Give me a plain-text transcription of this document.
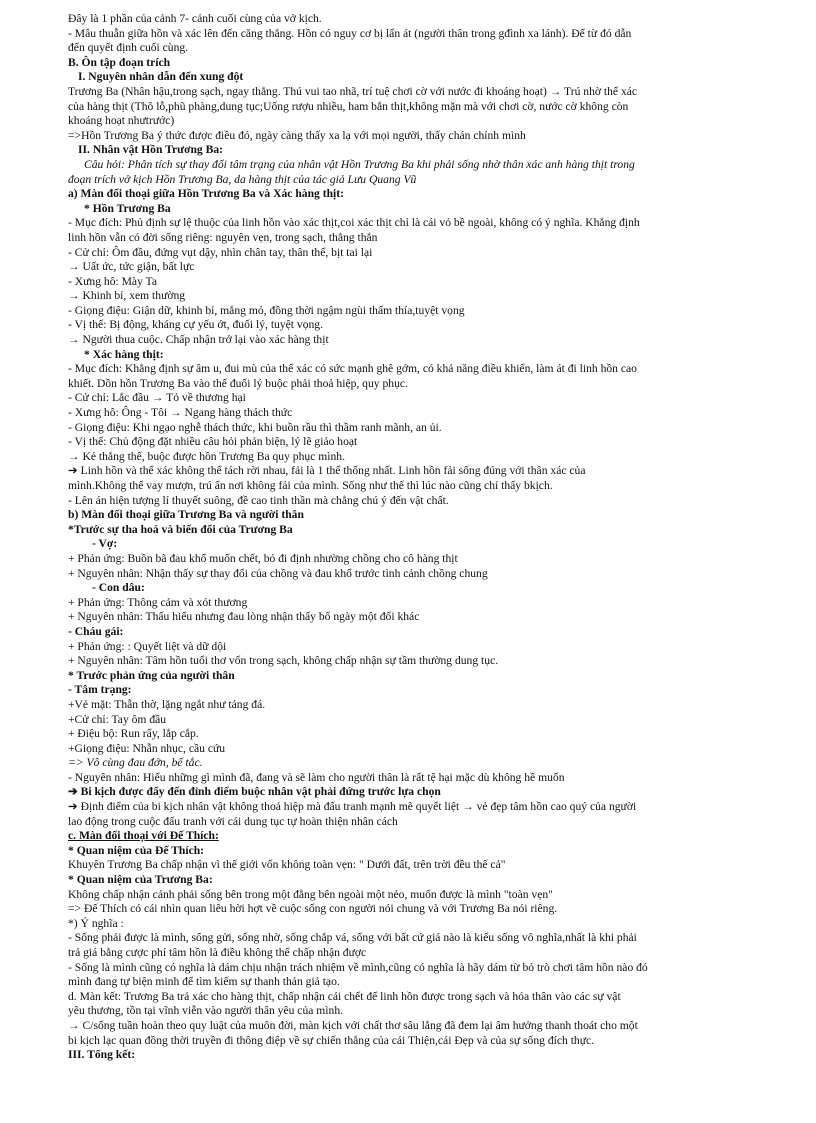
Đây là 1 phần của cảnh 7- cảnh cuối cùng của vở kịch.

- Mâu thuẫn giữa hồn và xác lên đến căng thẳng. Hồn có nguy cơ bị lấn át (người thân trong gđình xa lánh). Để từ đó dẫn

đến quyết định cuối cùng.

B. Ôn tập đoạn trích

I. Nguyên nhân dẫn đến xung đột

Trương Ba (Nhân hậu,trong sạch, ngay thẳng. Thú vui tao nhã, trí tuệ chơi cờ với nước đi khoáng hoạt) → Trú nhờ thể xác

của hàng thịt (Thô lỗ,phũ phàng,dung tục;Uống rượu nhiều, ham bắn thịt,không mặn mà với chơi cờ, nước cờ không còn

khoáng hoạt nhưtrước)

=>Hồn Trương Ba ý thức được điều đó, ngày càng thấy xa lạ với mọi người, thấy chán chính mình

II. Nhân vật Hồn Trương Ba:

Câu hỏi: Phân tích sự thay đổi tâm trạng của nhân vật Hồn Trương Ba khi phải sống nhờ thân xác anh hàng thịt trong

đoạn trích vở kịch Hồn Trương Ba, da hàng thịt của tác giả Lưu Quang Vũ

a) Màn đối thoại giữa Hồn Trương Ba và Xác hàng thịt:

* Hồn Trương Ba

- Mục đích: Phủ định sự lệ thuộc của linh hồn vào xác thịt,coi xác thịt chỉ là cái vỏ bề ngoài, không có ý nghĩa. Khẳng định

linh hồn vẫn có đời sống riêng: nguyên vẹn, trong sạch, thẳng thắn

- Cử chỉ: Ôm đầu, đứng vụt dậy, nhìn chân tay, thân thể, bịt tai lại

→ Uất ức, tức giận, bất lực

- Xưng hô: Mày Ta

→ Khinh bỉ, xem thường

- Giọng điệu: Giận dữ, khinh bỉ, mắng mỏ, đồng thời ngậm ngùi thấm thía,tuyệt vọng

- Vị thế: Bị động, kháng cự yếu ớt, đuối lý, tuyệt vọng.

→ Người thua cuộc. Chấp nhận trở lại vào xác hàng thịt

* Xác hàng thịt:

- Mục đích: Khẳng định sự âm u, đui mù của thể xác có sức mạnh ghê gớm, có khả năng điều khiển, làm át đi linh hồn cao

khiết. Dồn hồn Trương Ba vào thế đuối lý buộc phải thoả hiệp, quy phục.

- Cử chỉ: Lắc đầu → Tỏ về thương hại

- Xưng hô: Ông - Tôi → Ngang hàng thách thức

- Giọng điệu: Khi ngạo nghễ thách thức, khi buồn rầu thì thầm ranh mãnh, an ủi.

- Vị thế: Chủ động đặt nhiều câu hỏi phản biện, lý lẽ giảo hoạt

→ Kẻ thắng thế, buộc được hồn Trương Ba quy phục mình.

➔ Linh hồn và thể xác không thể tách rời nhau, fải là 1 thể thống nhất. Linh hồn fải sống đúng với thân xác của

mình.Không thể vay mượn, trú ẩn nơi không fải của mình. Sống như thế thì lúc nào cũng chỉ thấy bkịch.

- Lên án hiện tượng lí thuyết suông, đề cao tinh thần mà chẳng chú ý đến vật chất.

b) Màn đối thoại giữa Trương Ba và người thân

*Trước sự tha hoá và biến đổi của Trương Ba

- Vợ:

+ Phản ứng: Buồn bã đau khổ muốn chết, bỏ đi định nhường chồng cho cô hàng thịt

+ Nguyên nhân: Nhận thấy sự thay đổi của chồng và đau khổ trước tình cảnh chồng chung

- Con dâu:

+ Phản ứng: Thông cảm và xót thương

+ Nguyên nhân: Thấu hiểu nhưng đau lòng nhận thấy bố ngày một đổi khác

- Cháu gái:

+ Phản ứng: : Quyết liệt và dữ dội

+ Nguyên nhân: Tâm hồn tuổi thơ vốn trong sạch, không chấp nhận sự tầm thường dung tục.

* Trước phản ứng của người thân

- Tâm trạng:

+Vẻ mặt: Thẫn thờ, lặng ngắt như tảng đá.

+Cử chỉ: Tay ôm đầu

+ Điệu bộ: Run rẩy, lắp cắp.

+Giọng điệu: Nhẫn nhục, cầu cứu

=> Vô cùng đau đớn, bế tắc.

- Nguyên nhân: Hiểu những gì mình đã, đang và sẽ làm cho người thân là rất tệ hại mặc dù không hề muốn

➔ Bi kịch được đẩy đến đỉnh điểm buộc nhân vật phải đứng trước lựa chọn

➔ Định điểm của bi kịch nhân vật không thoả hiệp mà đấu tranh mạnh mẽ quyết liệt → vẻ đẹp tâm hồn cao quý của người

lao động trong cuộc đấu tranh với cái dung tục tự hoàn thiện nhân cách

c. Màn đối thoại với Đế Thích:

* Quan niệm của Đế Thích:

Khuyên Trương Ba chấp nhận vì thế giới vốn không toàn vẹn: " Dưới đất, trên trời đều thế cả"

* Quan niệm của Trương Ba:

Không chấp nhận cảnh phải sống bên trong một đằng bên ngoài một nẻo, muốn được là mình "toàn vẹn"

=> Đế Thích có cái nhìn quan liêu hời hợt về cuộc sống con người nói chung và với Trương Ba nói riêng.

*) Ý nghĩa :

- Sống phải được là mình, sống gửi, sống nhờ, sống chắp vá, sống với bất cứ giá nào là kiểu sống vô nghĩa,nhất là khi phải

trả giá bằng cược phí tâm hồn là điều không thể chấp nhận được

- Sống là mình cũng có nghĩa là dám chịu nhận trách nhiệm về mình,cũng có nghĩa là hãy dám từ bỏ trò chơi tâm hồn nào đó

mình đang tự biện minh để tìm kiếm sự thanh thản giả tạo.

d. Màn kết: Trương Ba trả xác cho hàng thịt, chấp nhận cái chết để linh hồn được trong sạch và hóa thân vào các sự vật

yêu thương, tồn tại vĩnh viễn vào người thân yêu của mình.

→ C/sống tuần hoàn theo quy luật của muôn đời, màn kịch với chất thơ sâu lắng đã đem lại âm hưởng thanh thoát cho một

bi kịch lạc quan đồng thời truyền đi thông điệp về sự chiến thắng của cái Thiện,cái Đẹp và của sự sống đích thực.

III. Tổng kết:
